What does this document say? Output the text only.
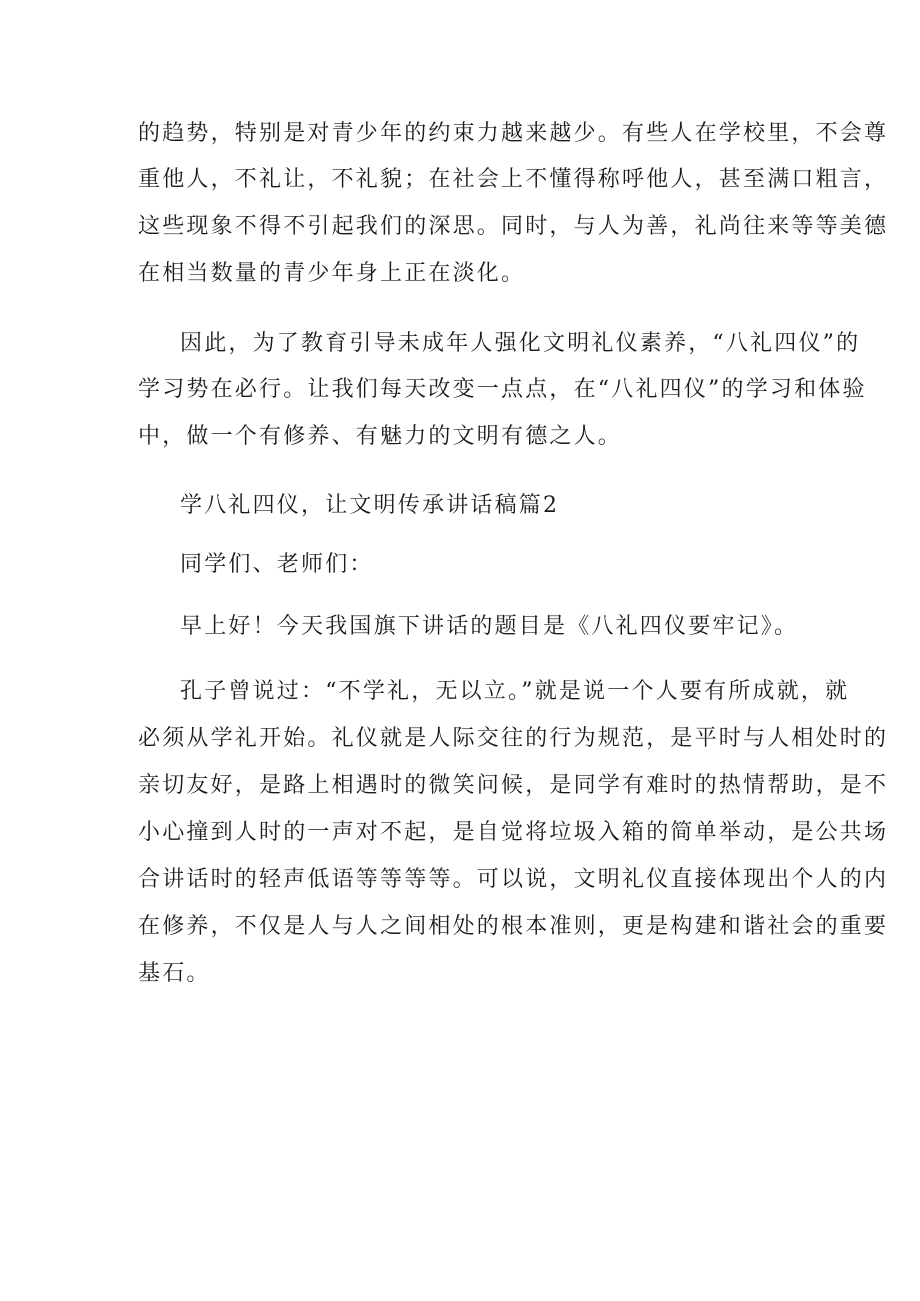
的趋势，特别是对青少年的约束力越来越少。有些人在学校里，不会尊
重他人，不礼让，不礼貌；在社会上不懂得称呼他人，甚至满口粗言，
这些现象不得不引起我们的深思。同时，与人为善，礼尚往来等等美德
在相当数量的青少年身上正在淡化。
因此，为了教育引导未成年人强化文明礼仪素养，“八礼四仪”的
学习势在必行。让我们每天改变一点点，在“八礼四仪”的学习和体验
中，做一个有修养、有魅力的文明有德之人。
学八礼四仪，让文明传承讲话稿篇2
同学们、老师们：
早上好！今天我国旗下讲话的题目是《八礼四仪要牢记》。
孔子曾说过：“不学礼，无以立。”就是说一个人要有所成就，就
必须从学礼开始。礼仪就是人际交往的行为规范，是平时与人相处时的
亲切友好，是路上相遇时的微笑问候，是同学有难时的热情帮助，是不
小心撞到人时的一声对不起，是自觉将垃圾入箱的简单举动，是公共场
合讲话时的轻声低语等等等等。可以说，文明礼仪直接体现出个人的内
在修养，不仅是人与人之间相处的根本准则，更是构建和谐社会的重要
基石。
